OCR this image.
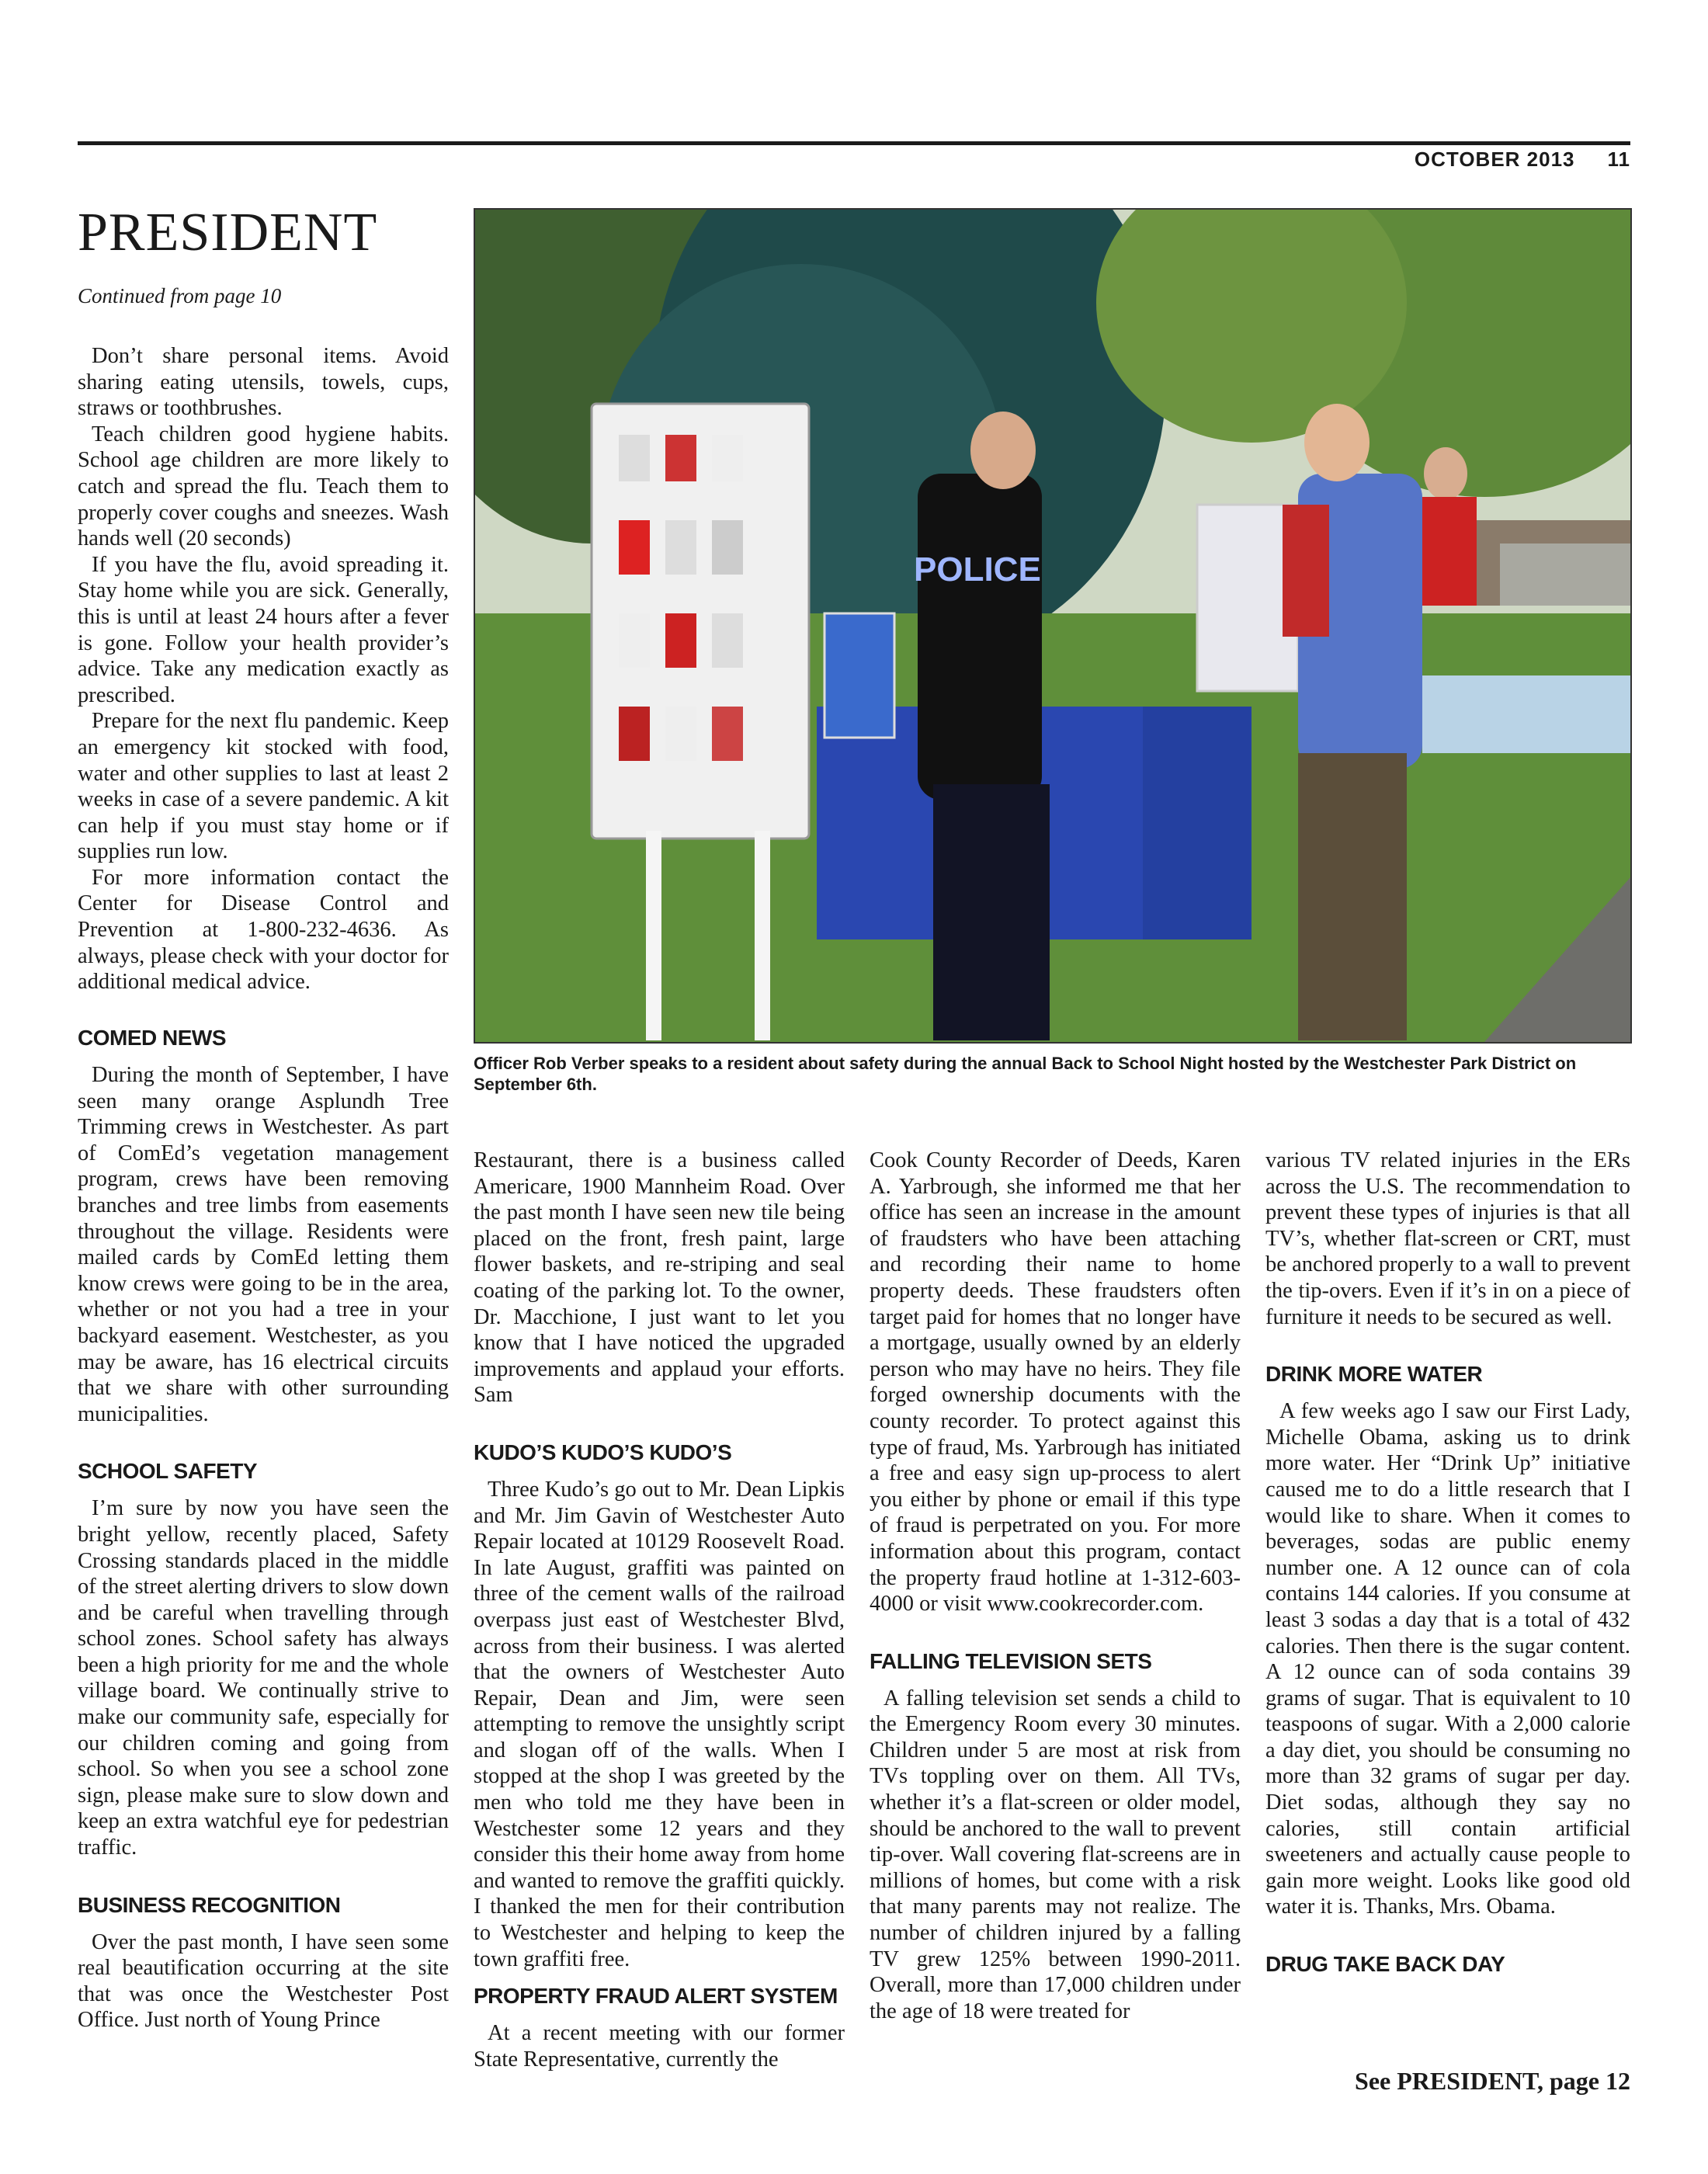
OCTOBER 2013 11
PRESIDENT
Continued from page 10

Don’t share personal items. Avoid sharing eating utensils, towels, cups, straws or toothbrushes.

Teach children good hygiene habits. School age children are more likely to catch and spread the flu. Teach them to properly cover coughs and sneezes. Wash hands well (20 seconds)

If you have the flu, avoid spreading it. Stay home while you are sick. Generally, this is until at least 24 hours after a fever is gone. Follow your health provider’s advice. Take any medication exactly as prescribed.

Prepare for the next flu pandemic. Keep an emergency kit stocked with food, water and other supplies to last at least 2 weeks in case of a severe pandemic. A kit can help if you must stay home or if supplies run low.

For more information contact the Center for Disease Control and Prevention at 1-800-232-4636. As always, please check with your doctor for additional medical advice.

COMED NEWS

During the month of September, I have seen many orange Asplundh Tree Trimming crews in Westchester. As part of ComEd’s vegetation management program, crews have been removing branches and tree limbs from easements throughout the village. Residents were mailed cards by ComEd letting them know crews were going to be in the area, whether or not you had a tree in your backyard easement. Westchester, as you may be aware, has 16 electrical circuits that we share with other surrounding municipalities.

SCHOOL SAFETY

I’m sure by now you have seen the bright yellow, recently placed, Safety Crossing standards placed in the middle of the street alerting drivers to slow down and be careful when travelling through school zones. School safety has always been a high priority for me and the whole village board. We continually strive to make our community safe, especially for our children coming and going from school. So when you see a school zone sign, please make sure to slow down and keep an extra watchful eye for pedestrian traffic.

BUSINESS RECOGNITION

Over the past month, I have seen some real beautification occurring at the site that was once the Westchester Post Office. Just north of Young Prince

POLICE
Officer Rob Verber speaks to a resident about safety during the annual Back to School Night hosted by the Westchester Park District on September 6th.

Restaurant, there is a business called Americare, 1900 Mannheim Road. Over the past month I have seen new tile being placed on the front, fresh paint, large flower baskets, and re-striping and seal coating of the parking lot. To the owner, Dr. Macchione, I just want to let you know that I have noticed the upgraded improvements and applaud your efforts. Sam

KUDO’S KUDO’S KUDO’S

Three Kudo’s go out to Mr. Dean Lipkis and Mr. Jim Gavin of Westchester Auto Repair located at 10129 Roosevelt Road. In late August, graffiti was painted on three of the cement walls of the railroad overpass just east of Westchester Blvd, across from their business. I was alerted that the owners of Westchester Auto Repair, Dean and Jim, were seen attempting to remove the unsightly script and slogan off of the walls. When I stopped at the shop I was greeted by the men who told me they have been in Westchester some 12 years and they consider this their home away from home and wanted to remove the graffiti quickly. I thanked the men for their contribution to Westchester and helping to keep the town graffiti free.

PROPERTY FRAUD ALERT SYSTEM

At a recent meeting with our former State Representative, currently the

Cook County Recorder of Deeds, Karen A. Yarbrough, she informed me that her office has seen an increase in the amount of fraudsters who have been attaching and recording their name to home property deeds. These fraudsters often target paid for homes that no longer have a mortgage, usually owned by an elderly person who may have no heirs. They file forged ownership documents with the county recorder. To protect against this type of fraud, Ms. Yarbrough has initiated a free and easy sign up-process to alert you either by phone or email if this type of fraud is perpetrated on you. For more information about this program, contact the property fraud hotline at 1-312-603-4000 or visit www.cookrecorder.com.

FALLING TELEVISION SETS

A falling television set sends a child to the Emergency Room every 30 minutes. Children under 5 are most at risk from TVs toppling over on them. All TVs, whether it’s a flat-screen or older model, should be anchored to the wall to prevent tip-over. Wall covering flat-screens are in millions of homes, but come with a risk that many parents may not realize. The number of children injured by a falling TV grew 125% between 1990-2011. Overall, more than 17,000 children under the age of 18 were treated for

various TV related injuries in the ERs across the U.S. The recommendation to prevent these types of injuries is that all TV’s, whether flat-screen or CRT, must be anchored properly to a wall to prevent the tip-overs. Even if it’s in on a piece of furniture it needs to be secured as well.

DRINK MORE WATER

A few weeks ago I saw our First Lady, Michelle Obama, asking us to drink more water. Her “Drink Up” initiative caused me to do a little research that I would like to share. When it comes to beverages, sodas are public enemy number one. A 12 ounce can of cola contains 144 calories. If you consume at least 3 sodas a day that is a total of 432 calories. Then there is the sugar content. A 12 ounce can of soda contains 39 grams of sugar. That is equivalent to 10 teaspoons of sugar. With a 2,000 calorie a day diet, you should be consuming no more than 32 grams of sugar per day. Diet sodas, although they say no calories, still contain artificial sweeteners and actually cause people to gain more weight. Looks like good old water it is. Thanks, Mrs. Obama.

DRUG TAKE BACK DAY
See PRESIDENT, page 12
